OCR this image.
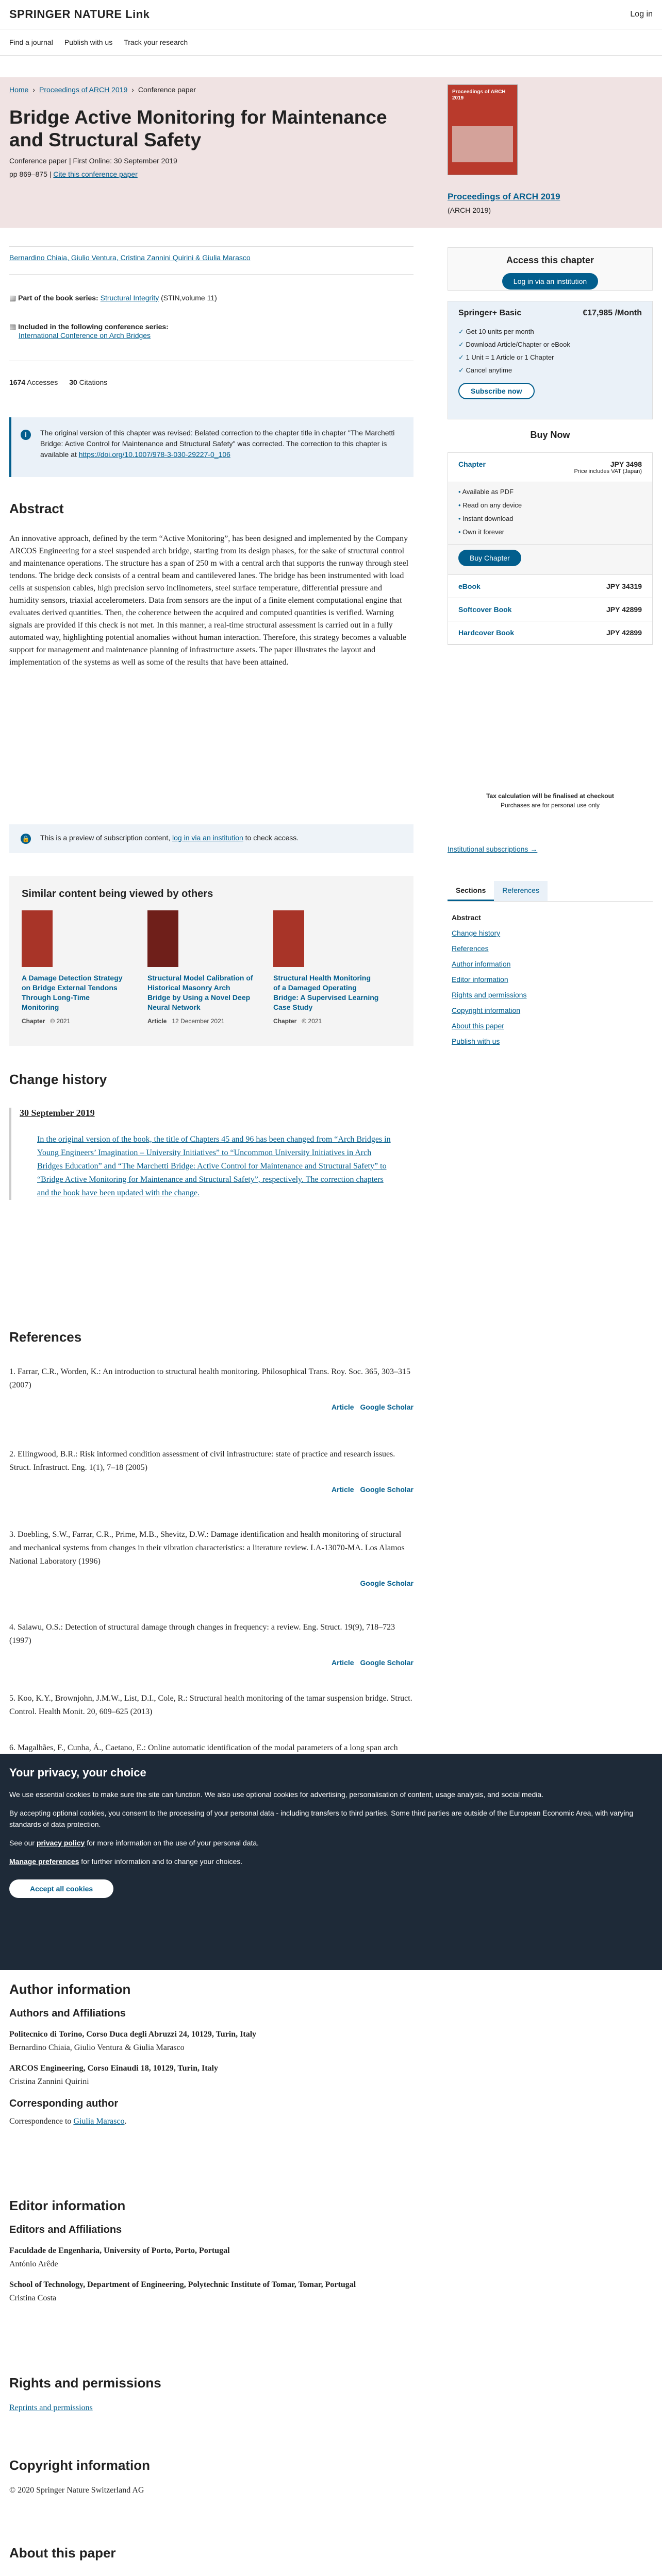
SPRINGER NATURE Link	Log in
Find a journal Publish with us Track your research
Home › Proceedings of ARCH 2019 › Conference paper
Bridge Active Monitoring for Maintenance and Structural Safety
Conference paper | First Online: 30 September 2019
pp 869–875 | Cite this conference paper
Proceedings of ARCH 2019
Proceedings of ARCH 2019
(ARCH 2019)
Bernardino Chiaia, Giulio Ventura, Cristina Zannini Quirini & Giulia Marasco
▦ Part of the book series: Structural Integrity (STIN,volume 11)
▦ Included in the following conference series:
International Conference on Arch Bridges
1674 Accesses 30 Citations
i	The original version of this chapter was revised: Belated correction to the chapter title in chapter "The Marchetti Bridge: Active Control for Maintenance and Structural Safety" was corrected. The correction to this chapter is available at https://doi.org/10.1007/978-3-030-29227-0_106
Abstract

An innovative approach, defined by the term “Active Monitoring”, has been designed and implemented by the Company ARCOS Engineering for a steel suspended arch bridge, starting from its design phases, for the sake of structural control and maintenance operations. The structure has a span of 250 m with a central arch that supports the runway through steel tendons. The bridge deck consists of a central beam and cantilevered lanes. The bridge has been instrumented with load cells at suspension cables, high precision servo inclinometers, steel surface temperature, differential pressure and humidity sensors, triaxial accelerometers. Data from sensors are the input of a finite element computational engine that evaluates derived quantities. Then, the coherence between the acquired and computed quantities is verified. Warning signals are provided if this check is not met. In this manner, a real-time structural assessment is carried out in a fully automated way, highlighting potential anomalies without human interaction. Therefore, this strategy becomes a valuable support for management and maintenance planning of infrastructure assets. The paper illustrates the layout and implementation of the systems as well as some of the results that have been attained.

🔒 This is a preview of subscription content, log in via an institution to check access.
Similar content being viewed by others
A Damage Detection Strategy on Bridge External Tendons Through Long-Time Monitoring
Chapter © 2021
Structural Model Calibration of Historical Masonry Arch Bridge by Using a Novel Deep Neural Network
Article 12 December 2021
Structural Health Monitoring of a Damaged Operating Bridge: A Supervised Learning Case Study
Chapter © 2021
Change history
30 September 2019

In the original version of the book, the title of Chapters 45 and 96 has been changed from “Arch Bridges in Young Engineers’ Imagination – University Initiatives” to “Uncommon University Initiatives in Arch Bridges Education” and “The Marchetti Bridge: Active Control for Maintenance and Structural Safety” to “Bridge Active Monitoring for Maintenance and Structural Safety”, respectively. The correction chapters and the book have been updated with the change.

References
1. Farrar, C.R., Worden, K.: An introduction to structural health monitoring. Philosophical Trans. Roy. Soc. 365, 303–315 (2007)
Article Google Scholar
2. Ellingwood, B.R.: Risk informed condition assessment of civil infrastructure: state of practice and research issues. Struct. Infrastruct. Eng. 1(1), 7–18 (2005)
Article Google Scholar
3. Doebling, S.W., Farrar, C.R., Prime, M.B., Shevitz, D.W.: Damage identification and health monitoring of structural and mechanical systems from changes in their vibration characteristics: a literature review. LA-13070-MA. Los Alamos National Laboratory (1996)
Google Scholar
4. Salawu, O.S.: Detection of structural damage through changes in frequency: a review. Eng. Struct. 19(9), 718–723 (1997)
Article Google Scholar
5. Koo, K.Y., Brownjohn, J.M.W., List, D.I., Cole, R.: Structural health monitoring of the tamar suspension bridge. Struct. Control. Health Monit. 20, 609–625 (2013)
6. Magalhães, F., Cunha, Á., Caetano, E.: Online automatic identification of the modal parameters of a long span arch
Access this chapter
Log in via an institution
Springer+ Basic	€17,985 /Month
✓ Get 10 units per month
✓ Download Article/Chapter or eBook
✓ 1 Unit = 1 Article or 1 Chapter
✓ Cancel anytime
Subscribe now
Buy Now
Chapter	JPY 3498
Price includes VAT (Japan)
• Available as PDF
• Read on any device
• Instant download
• Own it forever
Buy Chapter
eBook	JPY 34319
Softcover Book	JPY 42899
Hardcover Book	JPY 42899
Tax calculation will be finalised at checkout
Purchases are for personal use only
Institutional subscriptions →
Sections	References
Abstract
Change history
References
Author information
Editor information
Rights and permissions
Copyright information
About this paper
Publish with us
Your privacy, your choice

We use essential cookies to make sure the site can function. We also use optional cookies for advertising, personalisation of content, usage analysis, and social media.

By accepting optional cookies, you consent to the processing of your personal data - including transfers to third parties. Some third parties are outside of the European Economic Area, with varying standards of data protection.

See our privacy policy for more information on the use of your personal data.

Manage preferences for further information and to change your choices.

Accept all cookies
Author information
Authors and Affiliations
Politecnico di Torino, Corso Duca degli Abruzzi 24, 10129, Turin, Italy
Bernardino Chiaia, Giulio Ventura & Giulia Marasco
ARCOS Engineering, Corso Einaudi 18, 10129, Turin, Italy
Cristina Zannini Quirini
Corresponding author
Correspondence to Giulia Marasco.
Editor information
Editors and Affiliations
Faculdade de Engenharia, University of Porto, Porto, Portugal
António Arêde
School of Technology, Department of Engineering, Polytechnic Institute of Tomar, Tomar, Portugal
Cristina Costa
Rights and permissions
Reprints and permissions
Copyright information
© 2020 Springer Nature Switzerland AG
About this paper
